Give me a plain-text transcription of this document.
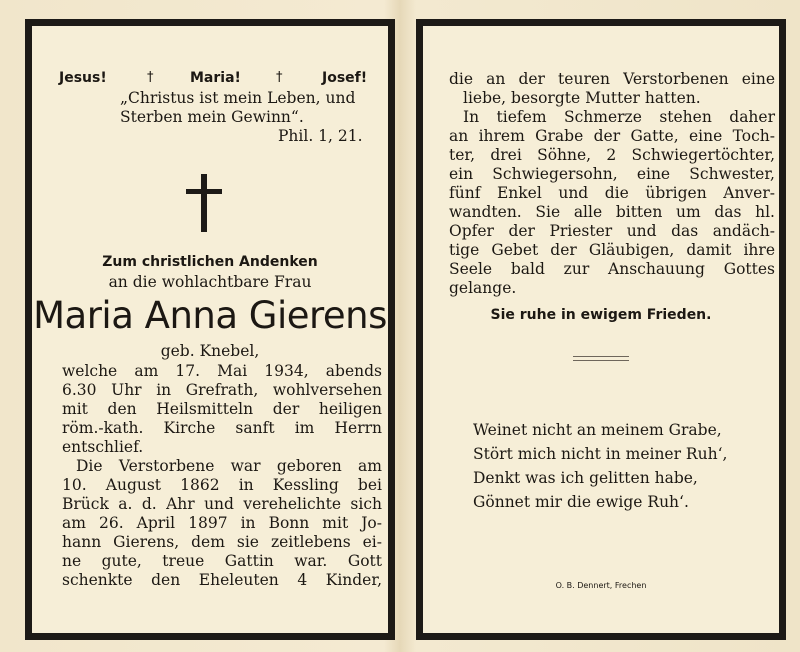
Jesus!	†	Maria!	†	Josef!
„Christus ist mein Leben, und
Sterben mein Gewinn“.
Phil. 1, 21.
Zum christlichen Andenken
an die wohlachtbare Frau
Maria Anna Gierens
geb. Knebel,
welche am 17. Mai 1934, abends
6.30 Uhr in Grefrath, wohlversehen
mit den Heilsmitteln der heiligen
röm.-kath. Kirche sanft im Herrn
entschlief.
Die Verstorbene war geboren am
10. August 1862 in Kessling bei
Brück a. d. Ahr und verehelichte sich
am 26. April 1897 in Bonn mit Jo-
hann Gierens, dem sie zeitlebens ei-
ne gute, treue Gattin war. Gott
schenkte den Eheleuten 4 Kinder,
die an der teuren Verstorbenen eine
liebe, besorgte Mutter hatten.
In tiefem Schmerze stehen daher
an ihrem Grabe der Gatte, eine Toch-
ter, drei Söhne, 2 Schwiegertöchter,
ein Schwiegersohn, eine Schwester,
fünf Enkel und die übrigen Anver-
wandten. Sie alle bitten um das hl.
Opfer der Priester und das andäch-
tige Gebet der Gläubigen, damit ihre
Seele bald zur Anschauung Gottes
gelange.
Sie ruhe in ewigem Frieden.
Weinet nicht an meinem Grabe,
Stört mich nicht in meiner Ruh‘,
Denkt was ich gelitten habe,
Gönnet mir die ewige Ruh‘.
O. B. Dennert, Frechen
